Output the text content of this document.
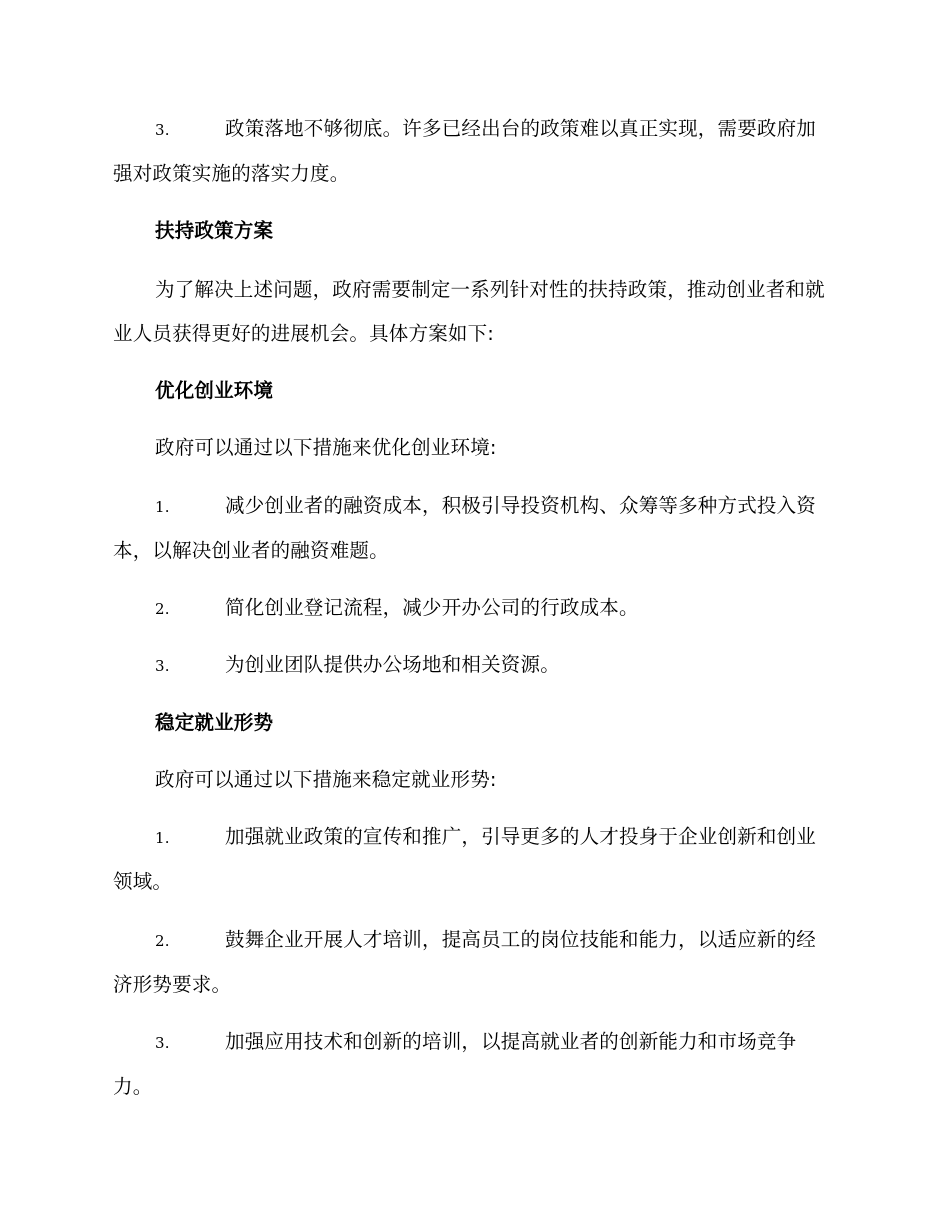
3.	政策落地不够彻底。许多已经出台的政策难以真正实现，需要政府加强对政策实施的落实力度。
扶持政策方案
为了解决上述问题，政府需要制定一系列针对性的扶持政策，推动创业者和就业人员获得更好的进展机会。具体方案如下:
优化创业环境
政府可以通过以下措施来优化创业环境:
1.	减少创业者的融资成本，积极引导投资机构、众筹等多种方式投入资本，以解决创业者的融资难题。
2.	简化创业登记流程，减少开办公司的行政成本。
3.	为创业团队提供办公场地和相关资源。
稳定就业形势
政府可以通过以下措施来稳定就业形势:
1.	加强就业政策的宣传和推广，引导更多的人才投身于企业创新和创业领域。
2.	鼓舞企业开展人才培训，提高员工的岗位技能和能力，以适应新的经济形势要求。
3.	加强应用技术和创新的培训，以提高就业者的创新能力和市场竞争力。
